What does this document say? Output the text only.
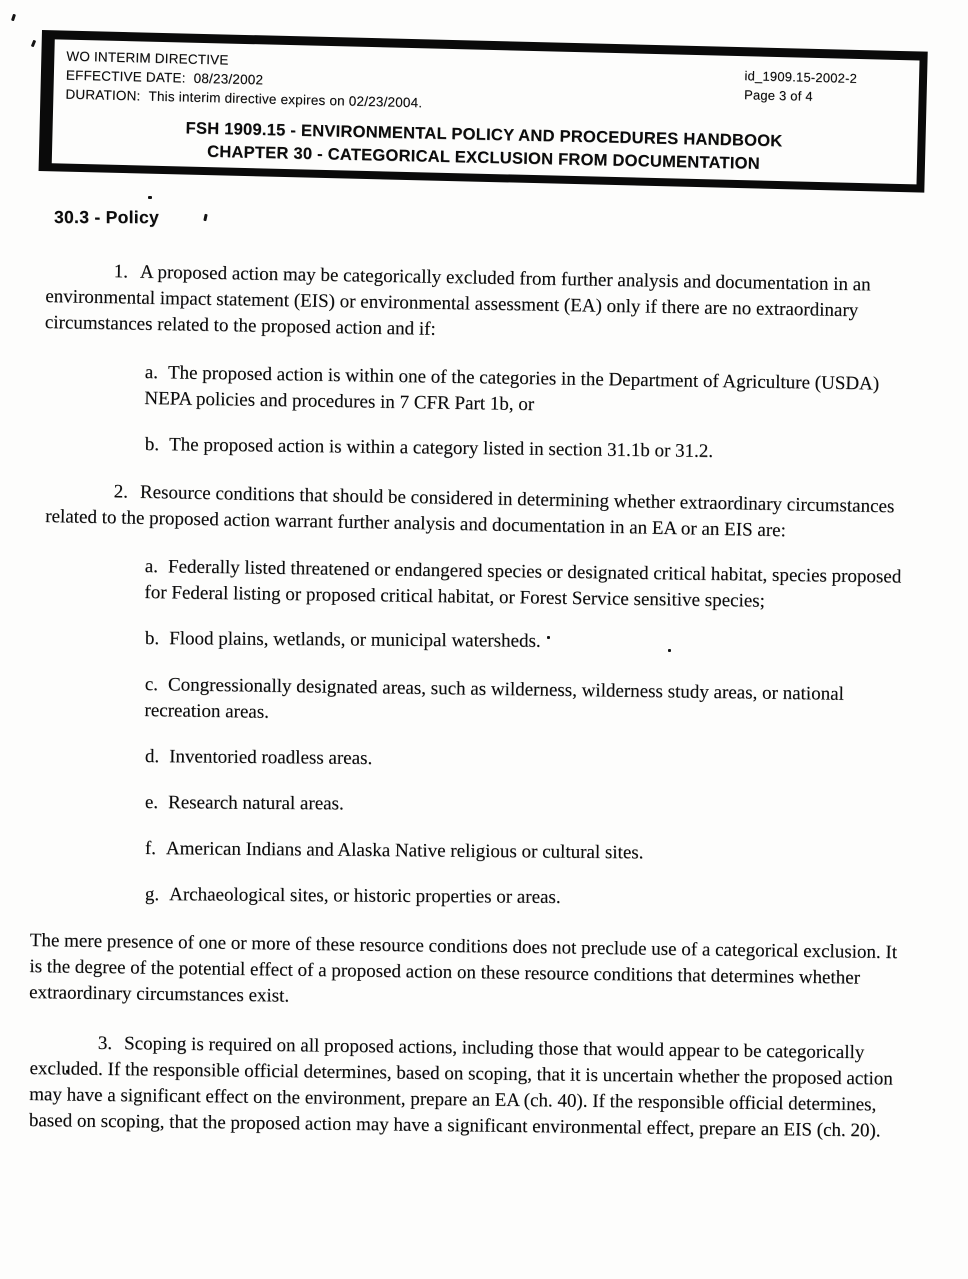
WO INTERIM DIRECTIVE
EFFECTIVE DATE: 08/23/2002
DURATION: This interim directive expires on 02/23/2004.
id_1909.15-2002-2
Page 3 of 4
FSH 1909.15 - ENVIRONMENTAL POLICY AND PROCEDURES HANDBOOK
CHAPTER 30 - CATEGORICAL EXCLUSION FROM DOCUMENTATION
30.3 - Policy

1. A proposed action may be categorically excluded from further analysis and documentation in an environmental impact statement (EIS) or environmental assessment (EA) only if there are no extraordinary circumstances related to the proposed action and if:

a. The proposed action is within one of the categories in the Department of Agriculture (USDA) NEPA policies and procedures in 7 CFR Part 1b, or
b. The proposed action is within a category listed in section 31.1b or 31.2.

2. Resource conditions that should be considered in determining whether extraordinary circumstances related to the proposed action warrant further analysis and documentation in an EA or an EIS are:

a. Federally listed threatened or endangered species or designated critical habitat, species proposed for Federal listing or proposed critical habitat, or Forest Service sensitive species;
b. Flood plains, wetlands, or municipal watersheds.
c. Congressionally designated areas, such as wilderness, wilderness study areas, or national recreation areas.
d. Inventoried roadless areas.
e. Research natural areas.
f. American Indians and Alaska Native religious or cultural sites.
g. Archaeological sites, or historic properties or areas.

The mere presence of one or more of these resource conditions does not preclude use of a categorical exclusion. It is the degree of the potential effect of a proposed action on these resource conditions that determines whether extraordinary circumstances exist.

3. Scoping is required on all proposed actions, including those that would appear to be categorically excluded. If the responsible official determines, based on scoping, that it is uncertain whether the proposed action may have a significant effect on the environment, prepare an EA (ch. 40). If the responsible official determines, based on scoping, that the proposed action may have a significant environmental effect, prepare an EIS (ch. 20).
